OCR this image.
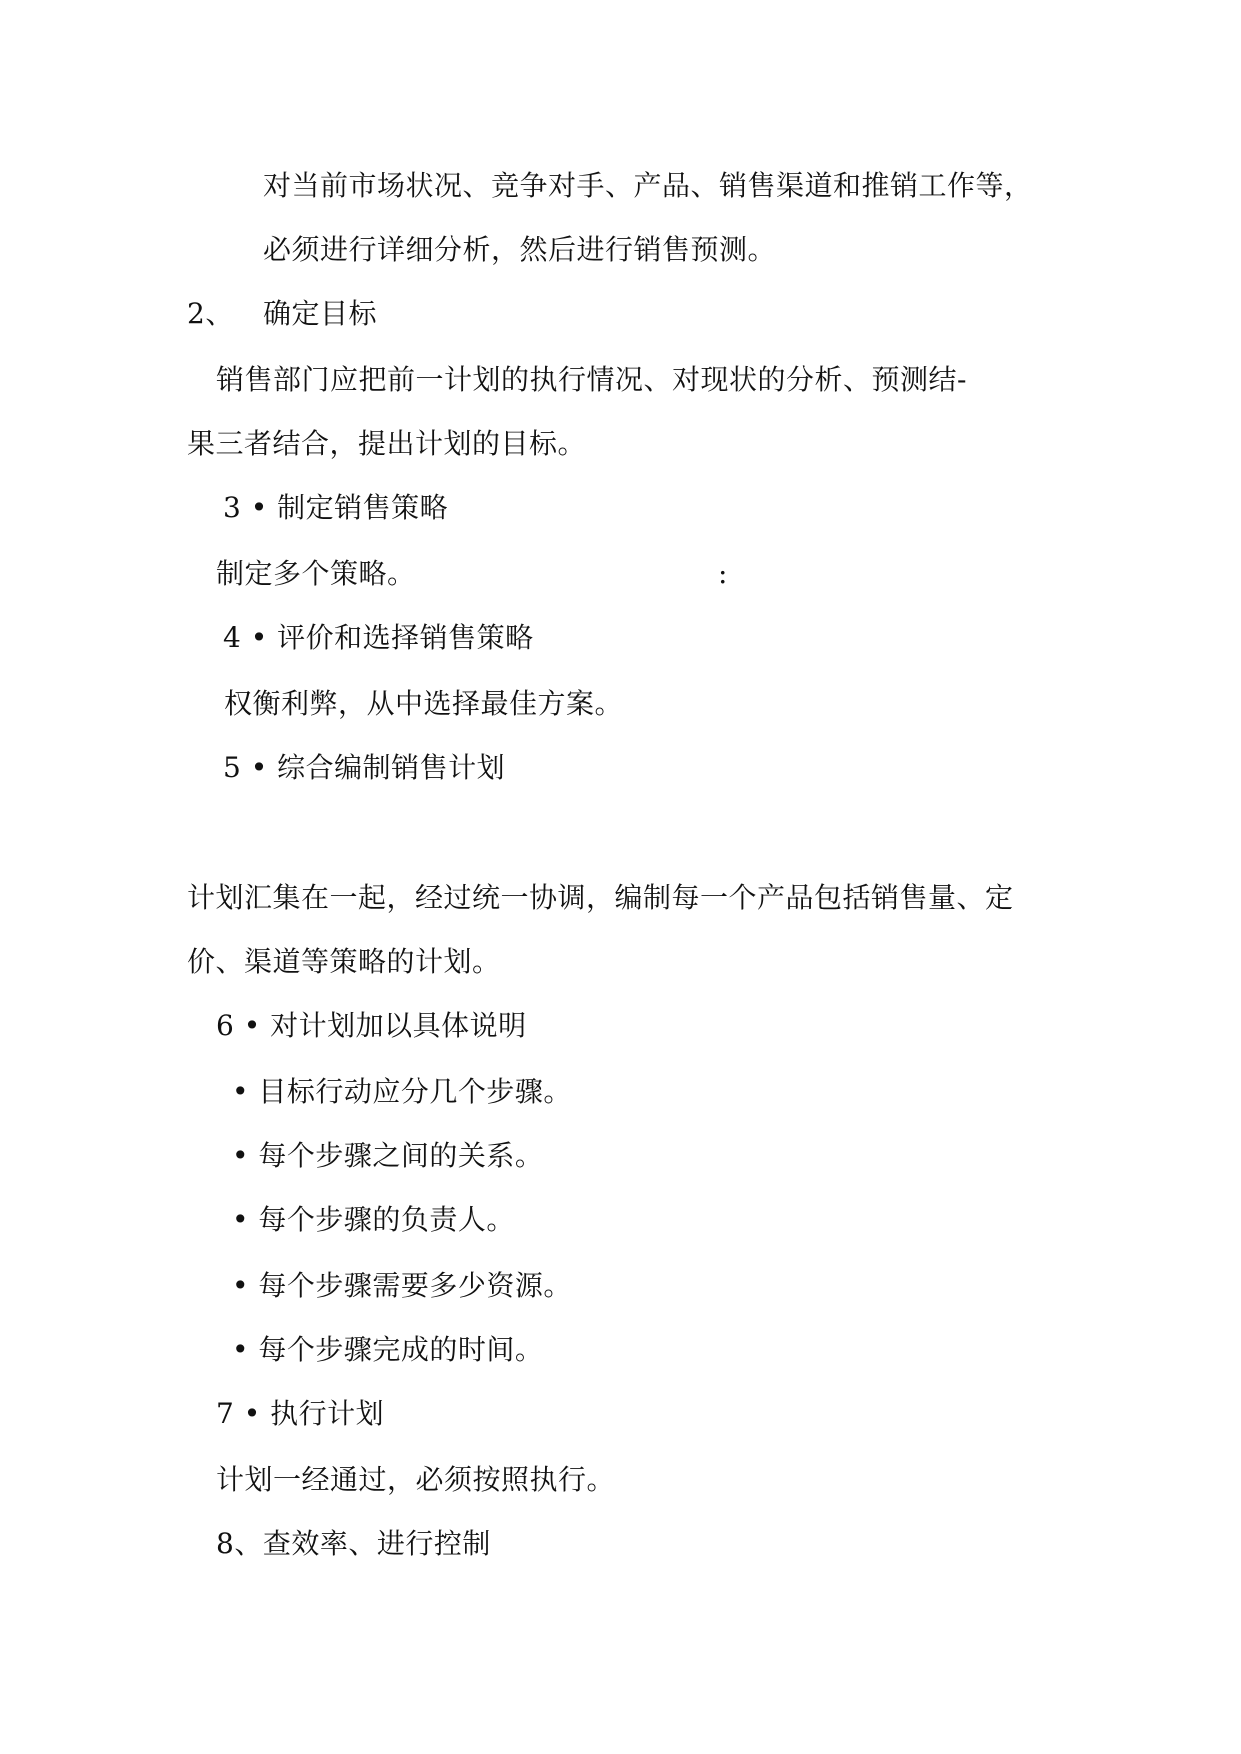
对当前市场状况、竞争对手、产品、销售渠道和推销工作等，
必须进行详细分析，然后进行销售预测。
2、 确定目标
销售部门应把前一计划的执行情况、对现状的分析、预测结-
果三者结合，提出计划的目标。
3 • 制定销售策略
制定多个策略。	:
4 • 评价和选择销售策略
权衡利弊，从中选择最佳方案。
5 • 综合编制销售计划
计划汇集在一起，经过统一协调，编制每一个产品包括销售量、定
价、渠道等策略的计划。
6 • 对计划加以具体说明
• 目标行动应分几个步骤。
• 每个步骤之间的关系。
• 每个步骤的负责人。
• 每个步骤需要多少资源。
• 每个步骤完成的时间。
7 • 执行计划
计划一经通过，必须按照执行。
8、查效率、进行控制
